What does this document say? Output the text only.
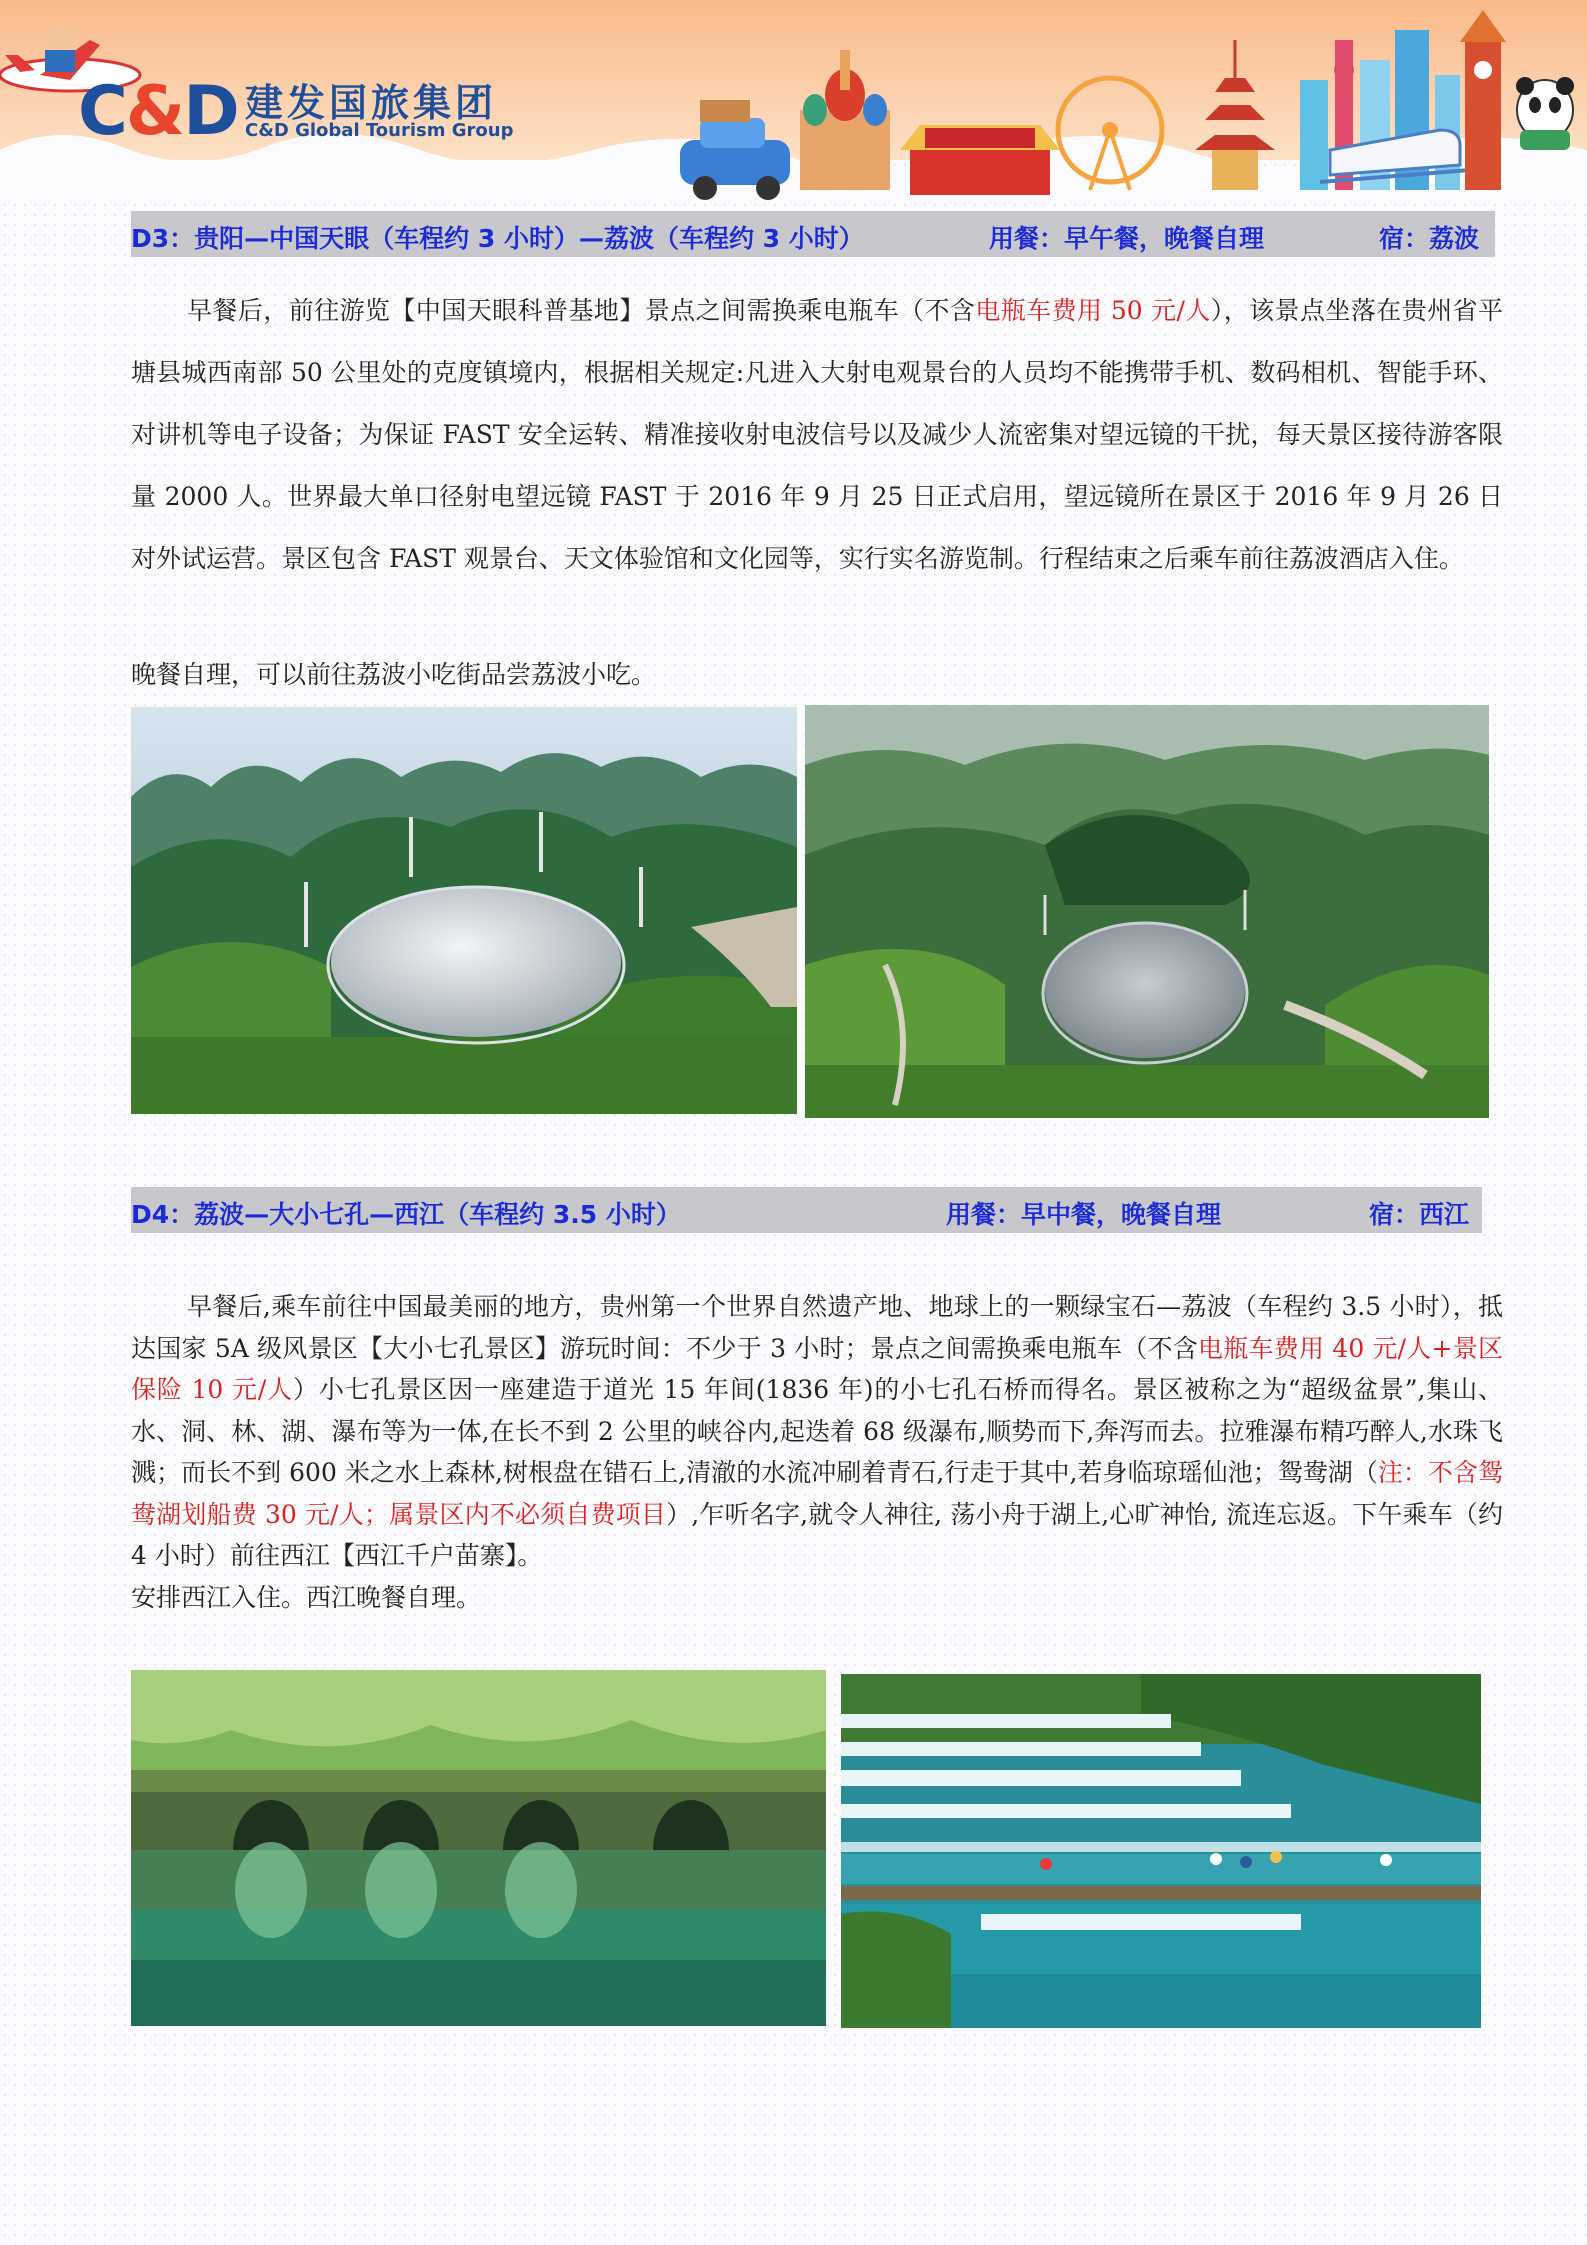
C&D 建发国旅集团
C&D Global Tourism Group
D3：贵阳—中国天眼（车程约 3 小时）—荔波（车程约 3 小时）	用餐：早午餐，晚餐自理	宿：荔波
早餐后，前往游览【中国天眼科普基地】景点之间需换乘电瓶车（不含电瓶车费用 50 元/人），该景点坐落在贵州省平塘县城西南部 50 公里处的克度镇境内，根据相关规定:凡进入大射电观景台的人员均不能携带手机、数码相机、智能手环、对讲机等电子设备；为保证 FAST 安全运转、精准接收射电波信号以及减少人流密集对望远镜的干扰，每天景区接待游客限量 2000 人。世界最大单口径射电望远镜 FAST 于 2016 年 9 月 25 日正式启用，望远镜所在景区于 2016 年 9 月 26 日对外试运营。景区包含 FAST 观景台、天文体验馆和文化园等，实行实名游览制。行程结束之后乘车前往荔波酒店入住。
晚餐自理，可以前往荔波小吃街品尝荔波小吃。
D4：荔波—大小七孔—西江（车程约 3.5 小时）	用餐：早中餐，晚餐自理	宿：西江
早餐后,乘车前往中国最美丽的地方，贵州第一个世界自然遗产地、地球上的一颗绿宝石—荔波（车程约 3.5 小时），抵达国家 5A 级风景区【大小七孔景区】游玩时间：不少于 3 小时；景点之间需换乘电瓶车（不含电瓶车费用 40 元/人+景区保险 10 元/人）小七孔景区因一座建造于道光 15 年间(1836 年)的小七孔石桥而得名。景区被称之为“超级盆景”,集山、水、洞、林、湖、瀑布等为一体,在长不到 2 公里的峡谷内,起迭着 68 级瀑布,顺势而下,奔泻而去。拉雅瀑布精巧醉人,水珠飞溅；而长不到 600 米之水上森林,树根盘在错石上,清澈的水流冲刷着青石,行走于其中,若身临琼瑶仙池；鸳鸯湖（注：不含鸳鸯湖划船费 30 元/人；属景区内不必须自费项目）,乍听名字,就令人神往, 荡小舟于湖上,心旷神怡, 流连忘返。下午乘车（约 4 小时）前往西江【西江千户苗寨】。
安排西江入住。西江晚餐自理。
